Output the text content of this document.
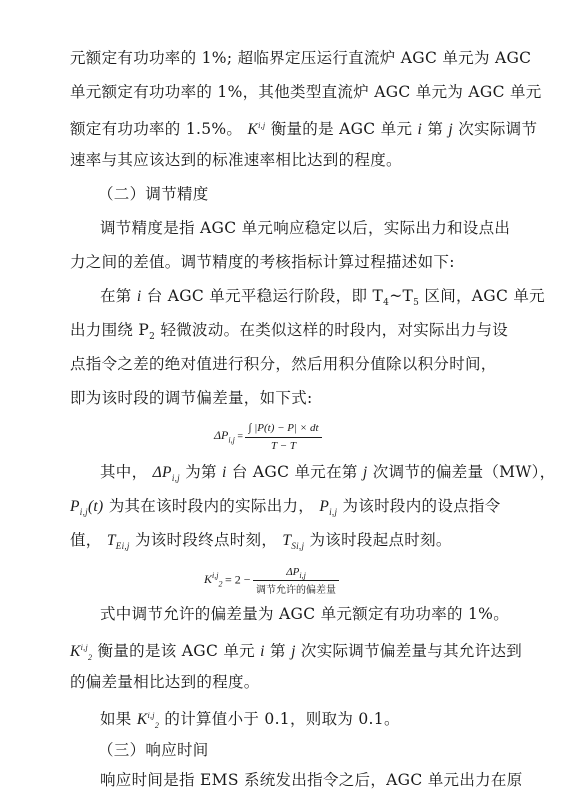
元额定有功功率的 1%; 超临界定压运行直流炉 AGC 单元为 AGC
单元额定有功功率的 1%，其他类型直流炉 AGC 单元为 AGC 单元
额定有功功率的 1.5%。 K$^{i,j}$ 衡量的是 AGC 单元 i 第 j 次实际调节
速率与其应该达到的标准速率相比达到的程度。
（二）调节精度
调节精度是指 AGC 单元响应稳定以后，实际出力和设点出
力之间的差值。调节精度的考核指标计算过程描述如下:
在第 i 台 AGC 单元平稳运行阶段，即 $T_4\sim T_5$ 区间，AGC 单元
出力围绕 $P_2$ 轻微波动。在类似这样的时段内，对实际出力与设
点指令之差的绝对值进行积分，然后用积分值除以积分时间，
即为该时段的调节偏差量，如下式:
$\Delta P_{i,j} = \frac{\int |P(t) - P| \times dt}{T - T}$
其中， $\Delta P_{i,j}$ 为第 i 台 AGC 单元在第 j 次调节的偏差量（MW），
$P_{i,j}(t)$ 为其在该时段内的实际出力， $P_{i,j}$ 为该时段内的设点指令
值， $T_{Ei,j}$ 为该时段终点时刻， $T_{Si,j}$ 为该时段起点时刻。
$K^{i,j}_2 = 2 - \frac{\Delta P_{i,j}}{\text{调节允许的偏差量}}$
式中调节允许的偏差量为 AGC 单元额定有功功率的 1%。
K$^{i,j}_2$ 衡量的是该 AGC 单元 i 第 j 次实际调节偏差量与其允许达到
的偏差量相比达到的程度。
如果 K$^{i,j}_2$ 的计算值小于 0.1，则取为 0.1。
（三）响应时间
响应时间是指 EMS 系统发出指令之后，AGC 单元出力在原
